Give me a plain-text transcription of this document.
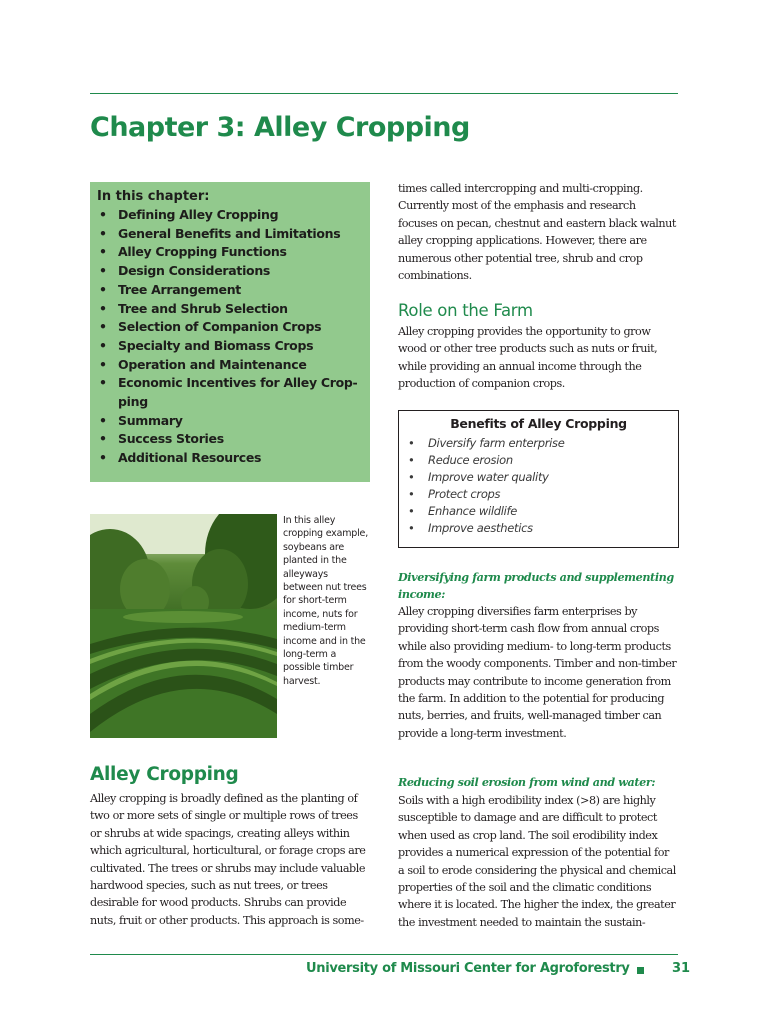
Chapter 3: Alley Cropping
In this chapter:
• Defining Alley Cropping
• General Benefits and Limitations
• Alley Cropping Functions
• Design Considerations
• Tree Arrangement
• Tree and Shrub Selection
• Selection of Companion Crops
• Specialty and Biomass Crops
• Operation and Maintenance
• Economic Incentives for Alley Crop-ping
• Summary
• Success Stories
• Additional Resources
In this alley cropping example, soybeans are planted in the alleyways between nut trees for short-term income, nuts for medium-term income and in the long-term a possible timber harvest.
Alley Cropping
Alley cropping is broadly defined as the planting of two or more sets of single or multiple rows of trees or shrubs at wide spacings, creating alleys within which agricultural, horticultural, or forage crops are cultivated. The trees or shrubs may include valuable hardwood species, such as nut trees, or trees desirable for wood products. Shrubs can provide nuts, fruit or other products. This approach is some-
times called intercropping and multi-cropping. Currently most of the emphasis and research focuses on pecan, chestnut and eastern black walnut alley cropping applications. However, there are numerous other potential tree, shrub and crop combinations.
Role on the Farm
Alley cropping provides the opportunity to grow wood or other tree products such as nuts or fruit, while providing an annual income through the production of companion crops.
Benefits of Alley Cropping
• Diversify farm enterprise
• Reduce erosion
• Improve water quality
• Protect crops
• Enhance wildlife
• Improve aesthetics
Diversifying farm products and supplementing income:
Alley cropping diversifies farm enterprises by providing short-term cash flow from annual crops while also providing medium- to long-term products from the woody components. Timber and non-timber products may contribute to income generation from the farm. In addition to the potential for producing nuts, berries, and fruits, well-managed timber can provide a long-term investment.
Reducing soil erosion from wind and water:
Soils with a high erodibility index (>8) are highly susceptible to damage and are difficult to protect when used as crop land. The soil erodibility index provides a numerical expression of the potential for a soil to erode considering the physical and chemical properties of the soil and the climatic conditions where it is located. The higher the index, the greater the investment needed to maintain the sustain-
University of Missouri Center for Agroforestry	31
